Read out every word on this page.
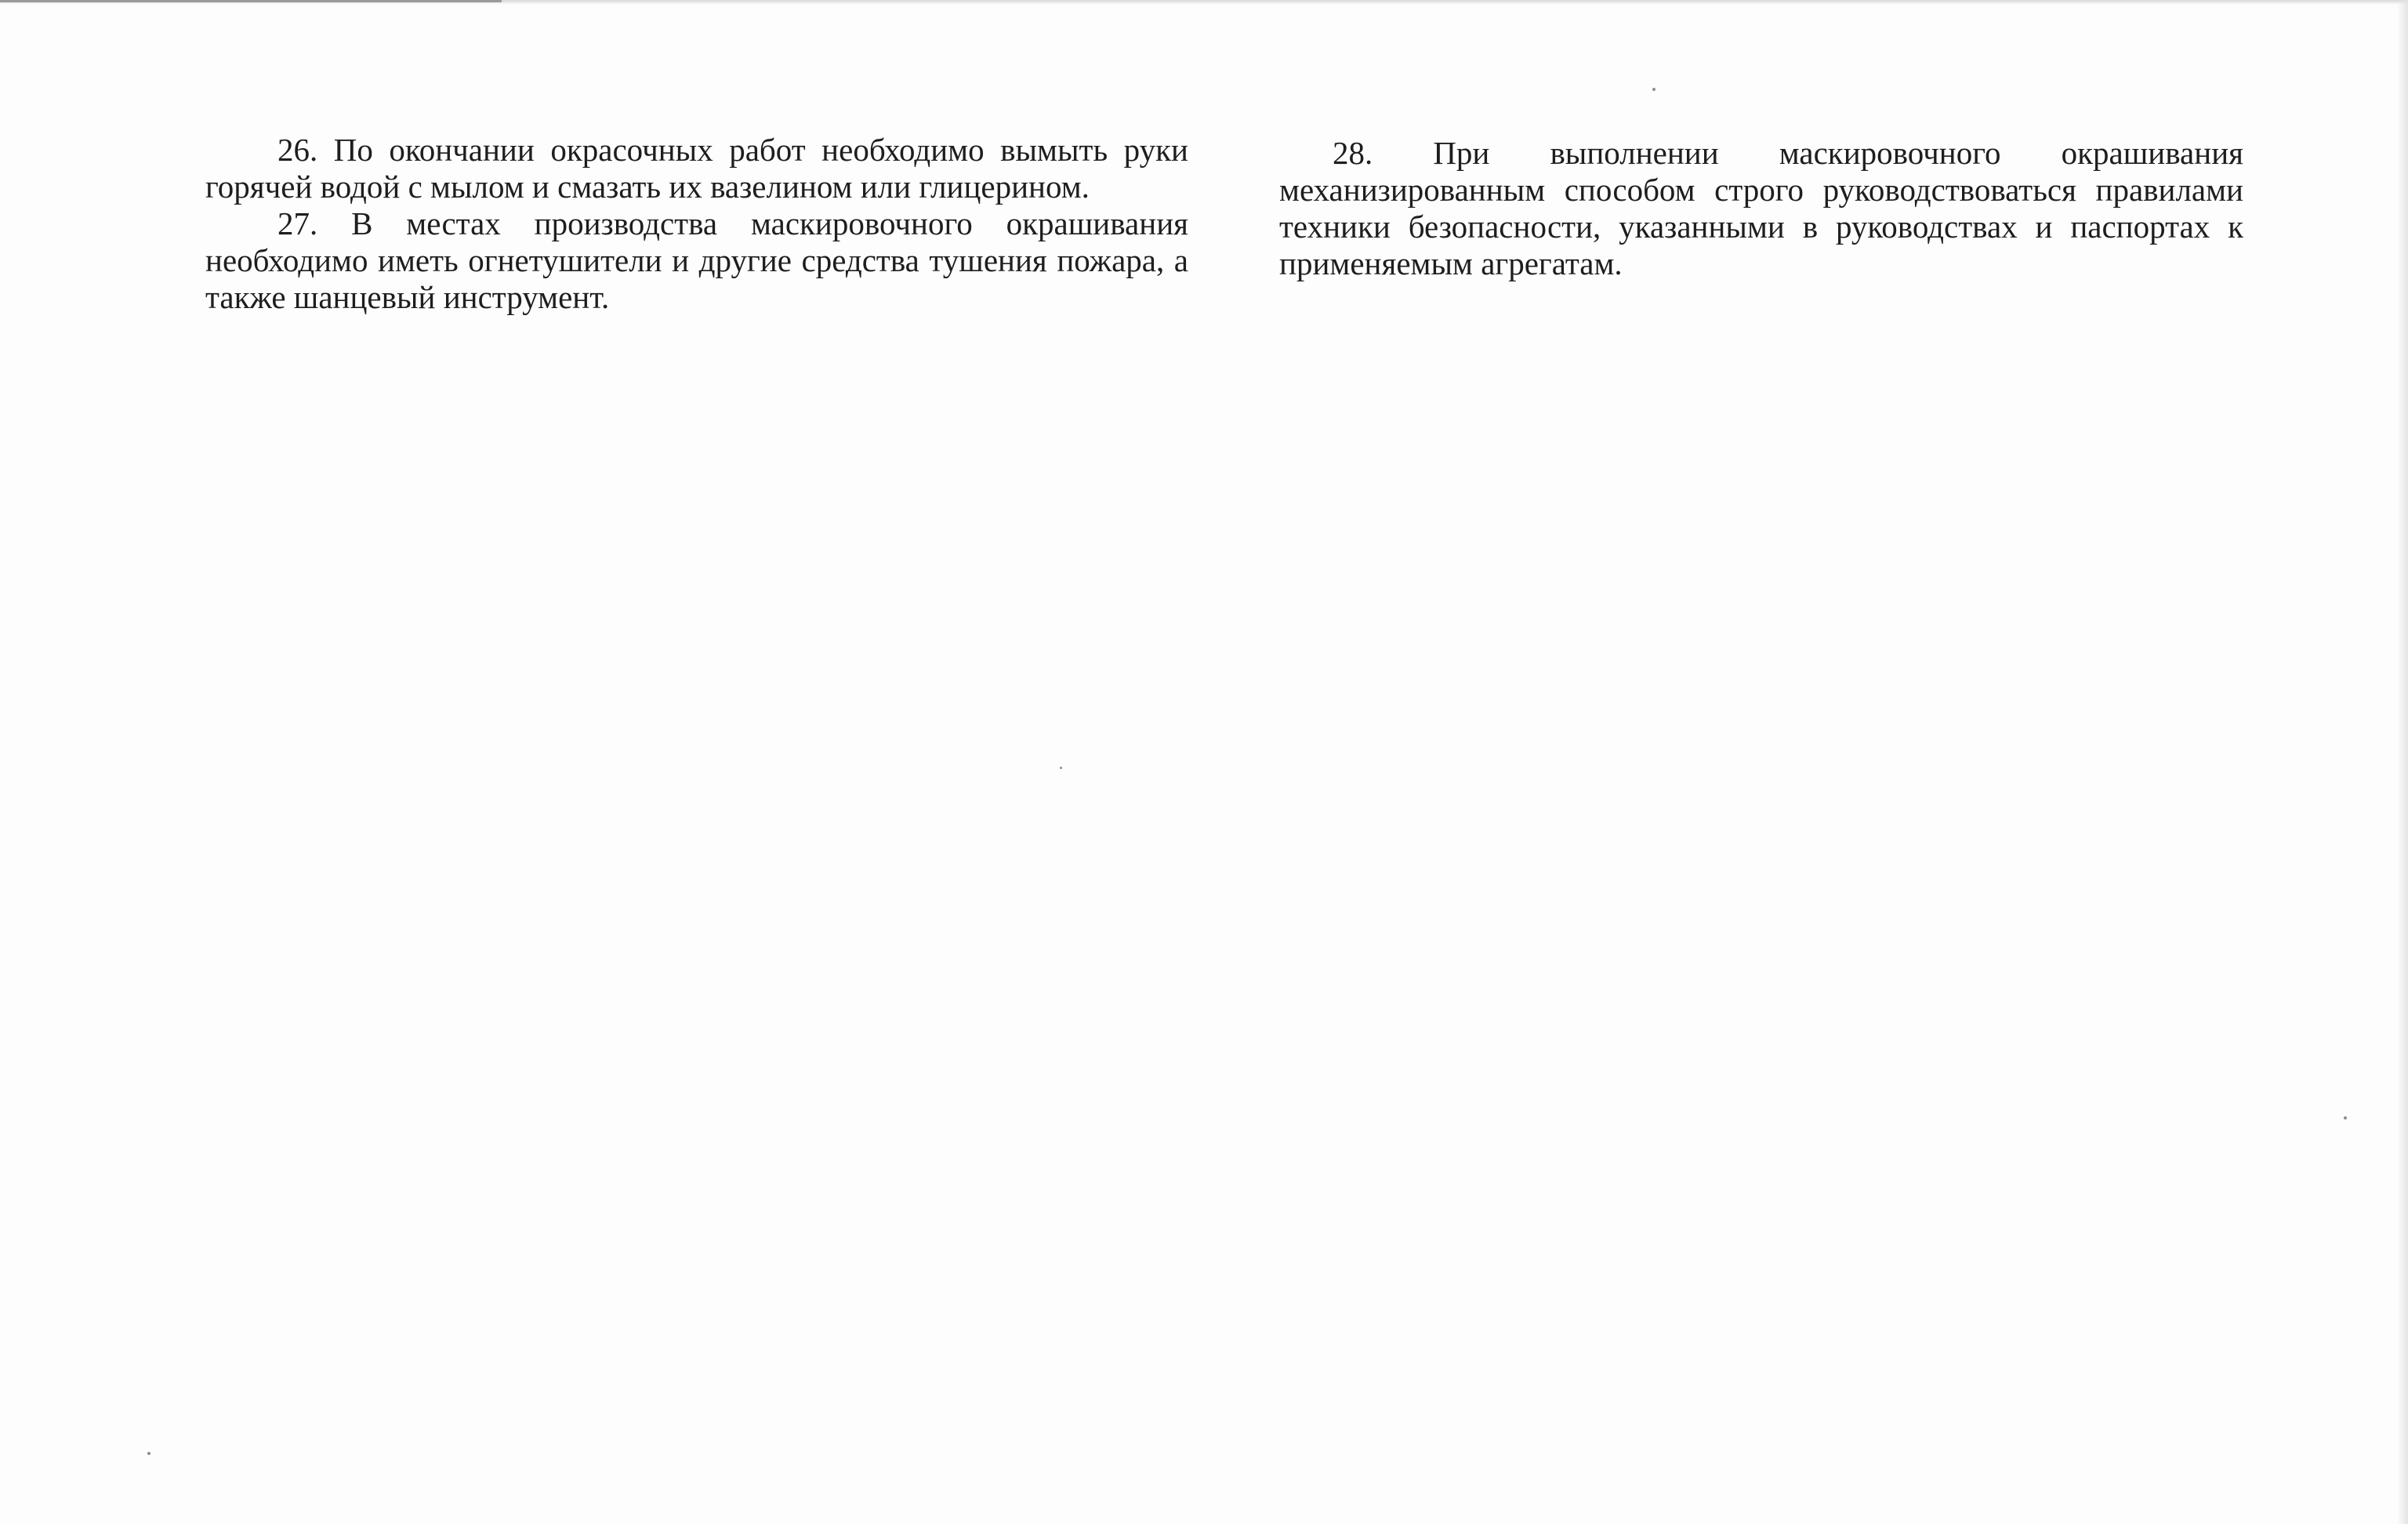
26. По окончании окрасочных работ необходимо вымыть руки горячей водой с мылом и смазать их вазелином или глицерином.

27. В местах производства маскировочного окрашивания необходимо иметь огнетушители и другие средства тушения пожара, а также шанцевый инструмент.

28. При выполнении маскировочного окрашивания механизированным способом строго руководствоваться правилами техники безопасности, указанными в руководствах и паспортах к применяемым агрегатам.
